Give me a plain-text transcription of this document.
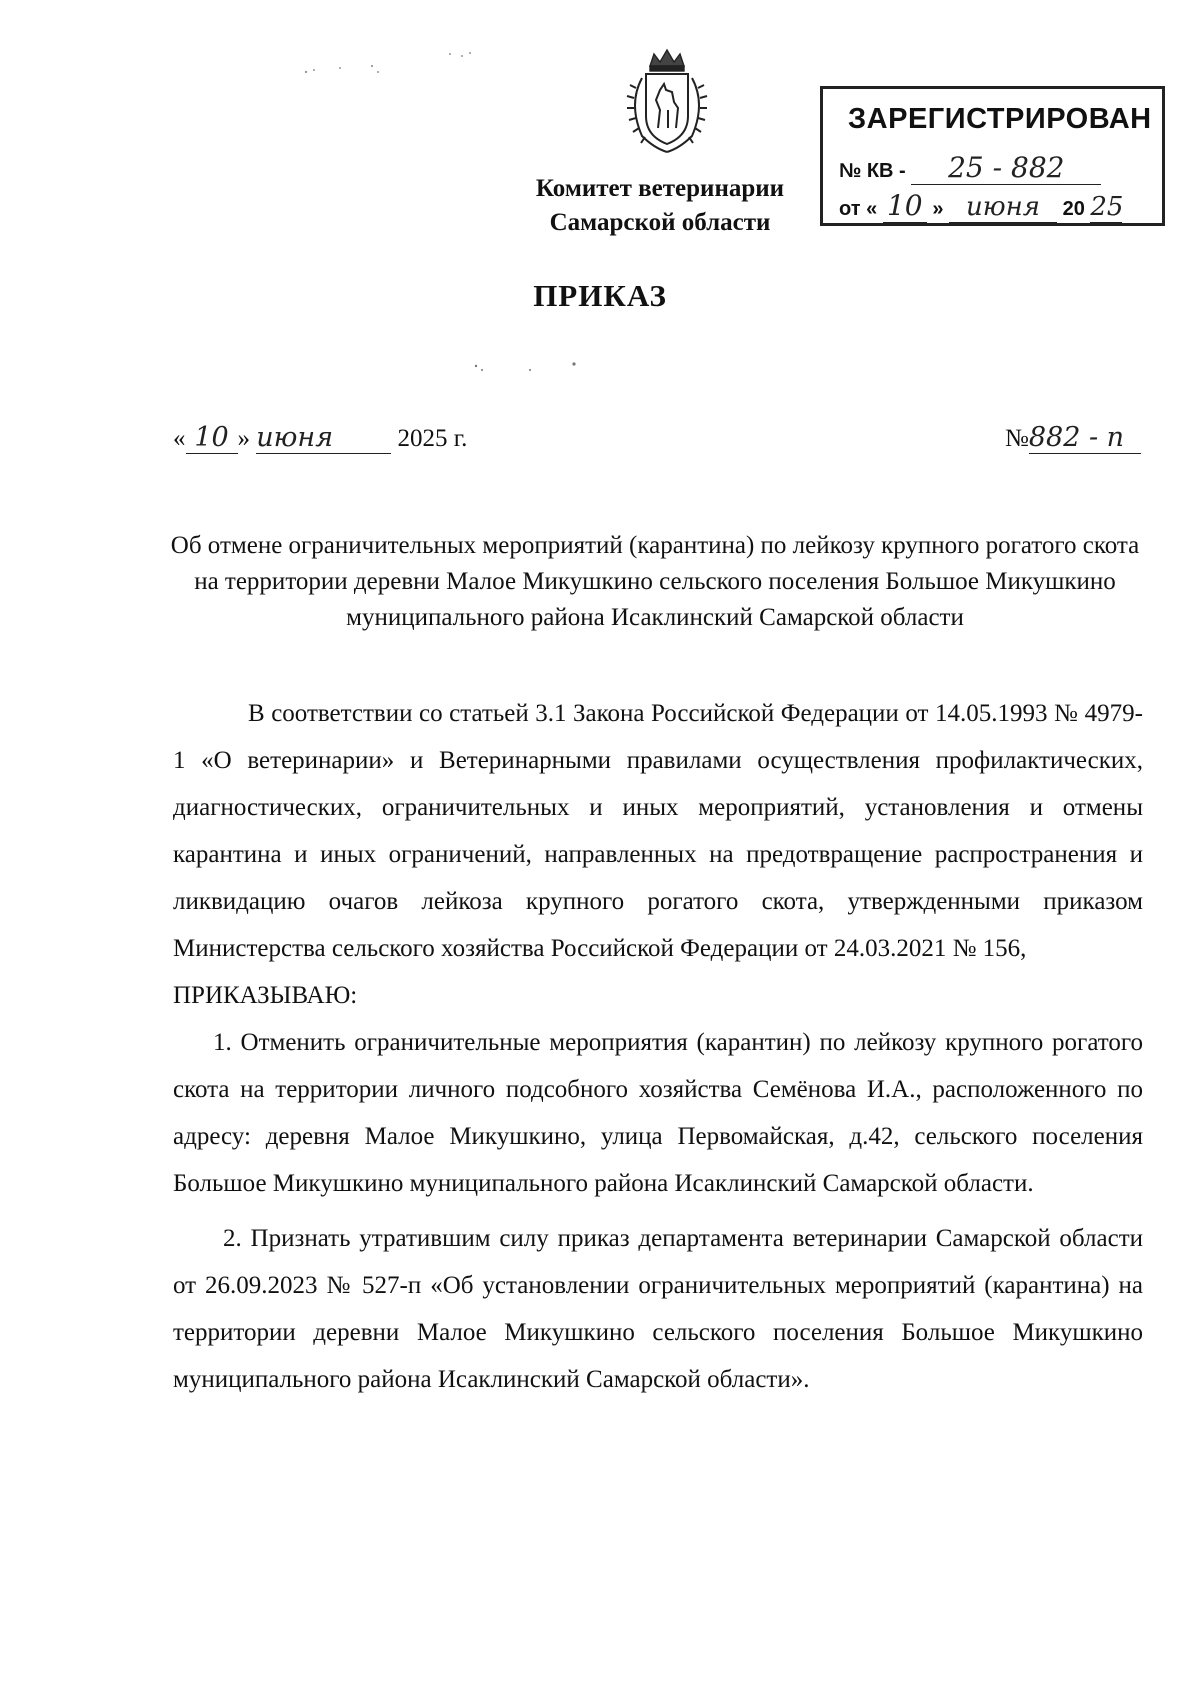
Комитет ветеринарии
Самарской области
ЗАРЕГИСТРИРОВАН
№ КВ - 25 - 882
от « 10 » июня 20 25
ПРИКАЗ
« 10 » июня	2025 г.	№882 - п
Об отмене ограничительных мероприятий (карантина) по лейкозу крупного рогатого скота на территории деревни Малое Микушкино сельского поселения Большое Микушкино муниципального района Исаклинский Самарской области

В соответствии со статьей 3.1 Закона Российской Федерации от 14.05.1993 № 4979-1 «О ветеринарии» и Ветеринарными правилами осуществления профилактических, диагностических, ограничительных и иных мероприятий, установления и отмены карантина и иных ограничений, направленных на предотвращение распространения и ликвидацию очагов лейкоза крупного рогатого скота, утвержденными приказом Министерства сельского хозяйства Российской Федерации от 24.03.2021 № 156,

ПРИКАЗЫВАЮ:

1. Отменить ограничительные мероприятия (карантин) по лейкозу крупного рогатого скота на территории личного подсобного хозяйства Семёнова И.А., расположенного по адресу: деревня Малое Микушкино, улица Первомайская, д.42, сельского поселения Большое Микушкино муниципального района Исаклинский Самарской области.

2. Признать утратившим силу приказ департамента ветеринарии Самарской области от 26.09.2023 № 527-п «Об установлении ограничительных мероприятий (карантина) на территории деревни Малое Микушкино сельского поселения Большое Микушкино муниципального района Исаклинский Самарской области».
